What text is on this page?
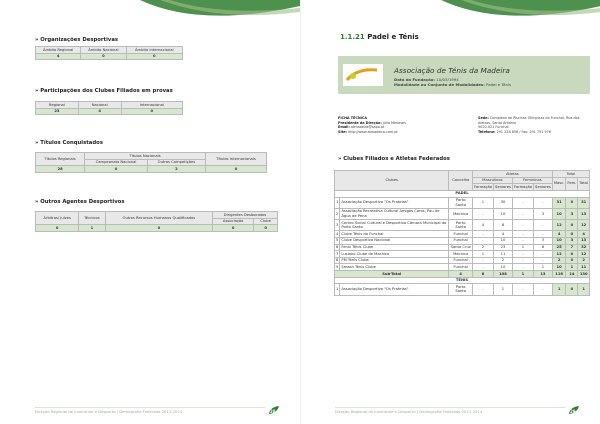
» Organizações Desportivas
Âmbito Regional	Âmbito Nacional	Âmbito Internacional
4	0	0
» Participações dos Clubes Filiados em provas
Regional	Nacional	Internacional
23	4	0
» Títulos Conquistados
Títulos Regionais	Títulos Nacionais		Títulos Internacionais
	Campeonato Nacional	Outras Competições	
28	0	2	0
» Outros Agentes Desportivos
Árbitros/ Juízes	Técnicos	Outros Recursos Humanos Qualificados	Dirigentes Desbocados	
			Associação	Clube
0	1	0	0	0
Direção Regional de Juventude e Desporto | Demografia Federada 2013-2014	28
1.1.21 Padel e Ténis
Associação de Ténis da Madeira
Data da Fundação: 10/03/1994
Modalidade ou Conjunto de Modalidades: Padel e Ténis
FICHA TÉCNICA
Presidente da Direção: Júlio Meneses
Email: atmadeira@sapo.pt
Site: http://www.atmadeira.com.pt
Sede: Complexo de Piscinas Olímpicas do Funchal, Rua dos Aleixos, Santo António
9020-021 Funchal
Telefone: 291 228 856 / Fax: 291 751 976
» Clubes Filiados e Atletas Federados
Clubes		Concelho	Atletas				Total		
			Masculinos		Femininos		Masc.	Fem.	Total
			Formação	Seniores	Formação	Seniores			
PADEL									
1	Associação Desportiva "Os Prateias"	Porto Santo	1	30	-	-	31	0	31
2	Associação Recreativa Cultural Amigos Caros, Pau de Água de Pena	Machico	-	10	-	3	10	3	13
3	Centro Social Cultural e Desportivo Câmara Municipal do Porto Santo	Porto Santo	4	8	-	-	12	0	12
4	Clube Ténis do Funchal	Funchal	-	4	-	-	4	0	4
5	Clube Desportivo Nacional	Funchal	-	10	-	3	10	3	13
6	Fenix Ténis Clube	Santa Cruz	2	23	1	6	25	7	32
7	Lusiano Clube de Machico	Machico	1	11	-	-	12	0	12
8	PM Ténis Clube	Funchal	-	2	-	-	2	0	2
9	Smash Ténis Clube	Funchal	-	10	-	1	10	1	11
Sub-Total		4	8	108	1	13	116	14	130
TÉNIS									
1	Associação Desportiva "Os Prateias"	Porto Santo	-	1	-	-	1	0	1
Direção Regional de Juventude e Desporto | Demografia Federada 2013-2014	29
